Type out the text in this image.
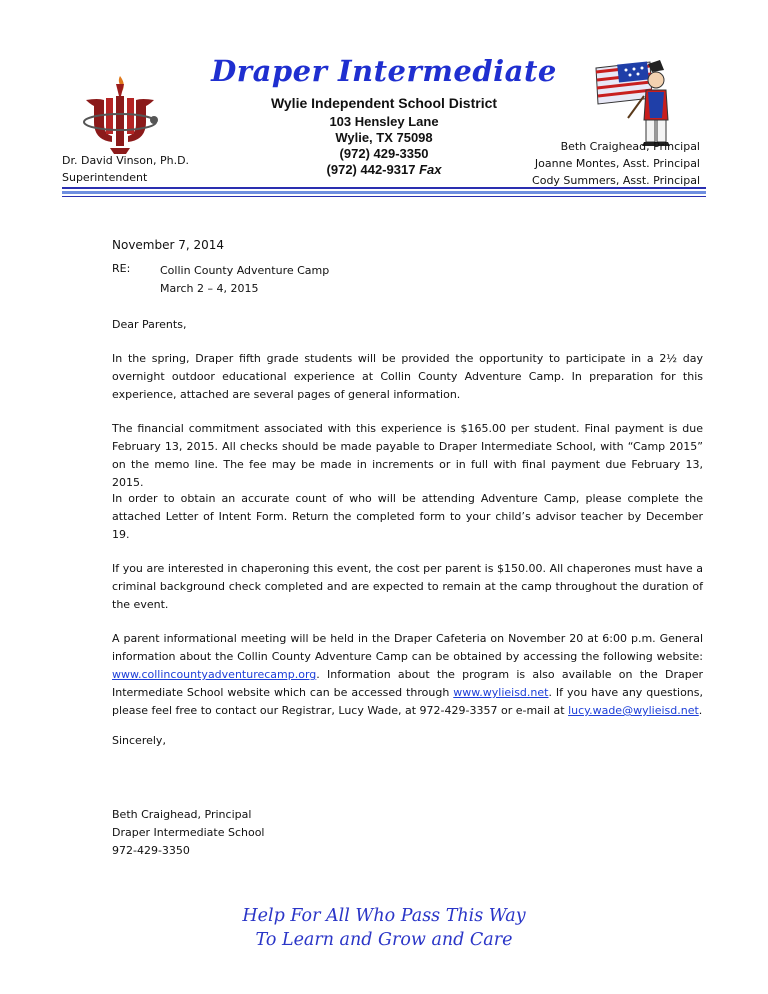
Draper Intermediate
Wylie Independent School District
103 Hensley Lane
Wylie, TX 75098
(972) 429-3350
(972) 442-9317 Fax
Dr. David Vinson, Ph.D.
Superintendent
Beth Craighead, Principal
Joanne Montes, Asst. Principal
Cody Summers, Asst. Principal
November 7, 2014
RE:	Collin County Adventure Camp
March 2 – 4, 2015
Dear Parents,
In the spring, Draper fifth grade students will be provided the opportunity to participate in a 2½ day overnight outdoor educational experience at Collin County Adventure Camp. In preparation for this experience, attached are several pages of general information.
The financial commitment associated with this experience is $165.00 per student. Final payment is due February 13, 2015. All checks should be made payable to Draper Intermediate School, with “Camp 2015” on the memo line. The fee may be made in increments or in full with final payment due February 13, 2015.
In order to obtain an accurate count of who will be attending Adventure Camp, please complete the attached Letter of Intent Form. Return the completed form to your child’s advisor teacher by December 19.
If you are interested in chaperoning this event, the cost per parent is $150.00. All chaperones must have a criminal background check completed and are expected to remain at the camp throughout the duration of the event.
A parent informational meeting will be held in the Draper Cafeteria on November 20 at 6:00 p.m. General information about the Collin County Adventure Camp can be obtained by accessing the following website: www.collincountyadventurecamp.org. Information about the program is also available on the Draper Intermediate School website which can be accessed through www.wylieisd.net. If you have any questions, please feel free to contact our Registrar, Lucy Wade, at 972-429-3357 or e-mail at lucy.wade@wylieisd.net.
Sincerely,
Beth Craighead, Principal
Draper Intermediate School
972-429-3350
Help For All Who Pass This Way
To Learn and Grow and Care
